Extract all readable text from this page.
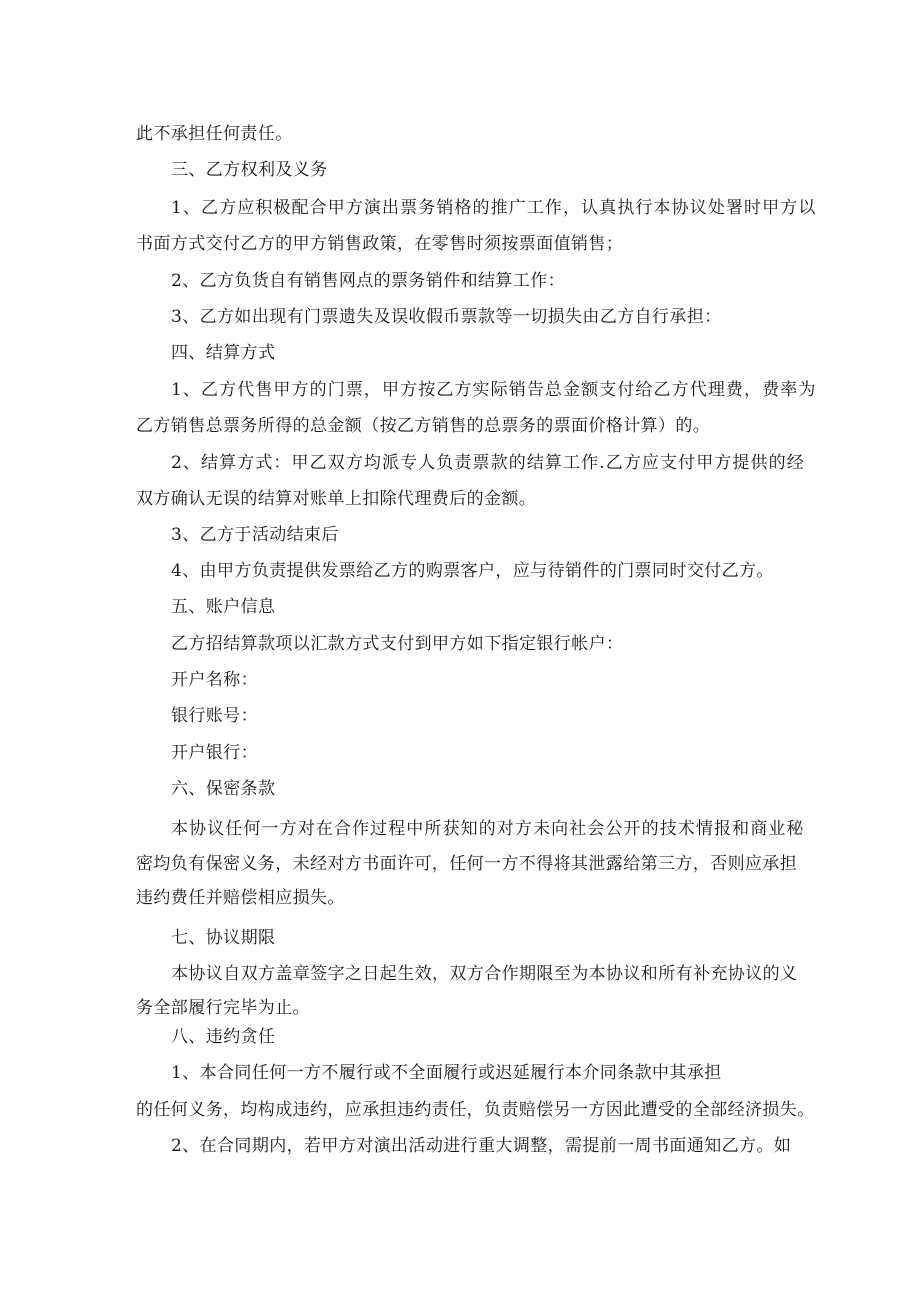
此不承担任何责任。
三、乙方权利及义务
1、乙方应积极配合甲方演出票务销格的推广工作，认真执行本协议处署时甲方以
书面方式交付乙方的甲方销售政策，在零售时须按票面值销售；
2、乙方负货自有销售网点的票务销件和结算工作：
3、乙方如出现有门票遗失及误收假币票款等一切损失由乙方自行承担：
四、结算方式
1、乙方代售甲方的门票，甲方按乙方实际销告总金额支付给乙方代理费，费率为
乙方销售总票务所得的总金额（按乙方销售的总票务的票面价格计算）的。
2、结算方式：甲乙双方均派专人负责票款的结算工作.乙方应支付甲方提供的经
双方确认无误的结算对账单上扣除代理费后的金额。
3、乙方于活动结束后
4、由甲方负责提供发票给乙方的购票客户，应与待销件的门票同时交付乙方。
五、账户信息
乙方招结算款项以汇款方式支付到甲方如下指定银行帐户：
开户名称：
银行账号：
开户银行：
六、保密条款
本协议任何一方对在合作过程中所获知的对方未向社会公开的技术情报和商业秘
密均负有保密义务，未经对方书面许可，任何一方不得将其泄露给第三方，否则应承担
违约费任并赔偿相应损失。
七、协议期限
本协议自双方盖章签字之日起生效，双方合作期限至为本协议和所有补充协议的义
务全部履行完毕为止。
八、违约贪任
1、本合同任何一方不履行或不全面履行或迟延履行本介同条款中其承担
的任何义务，均构成违约，应承担违约责任，负责赔偿另一方因此遭受的全部经济损失。
2、在合同期内，若甲方对演出活动进行重大调整，需提前一周书面通知乙方。如
